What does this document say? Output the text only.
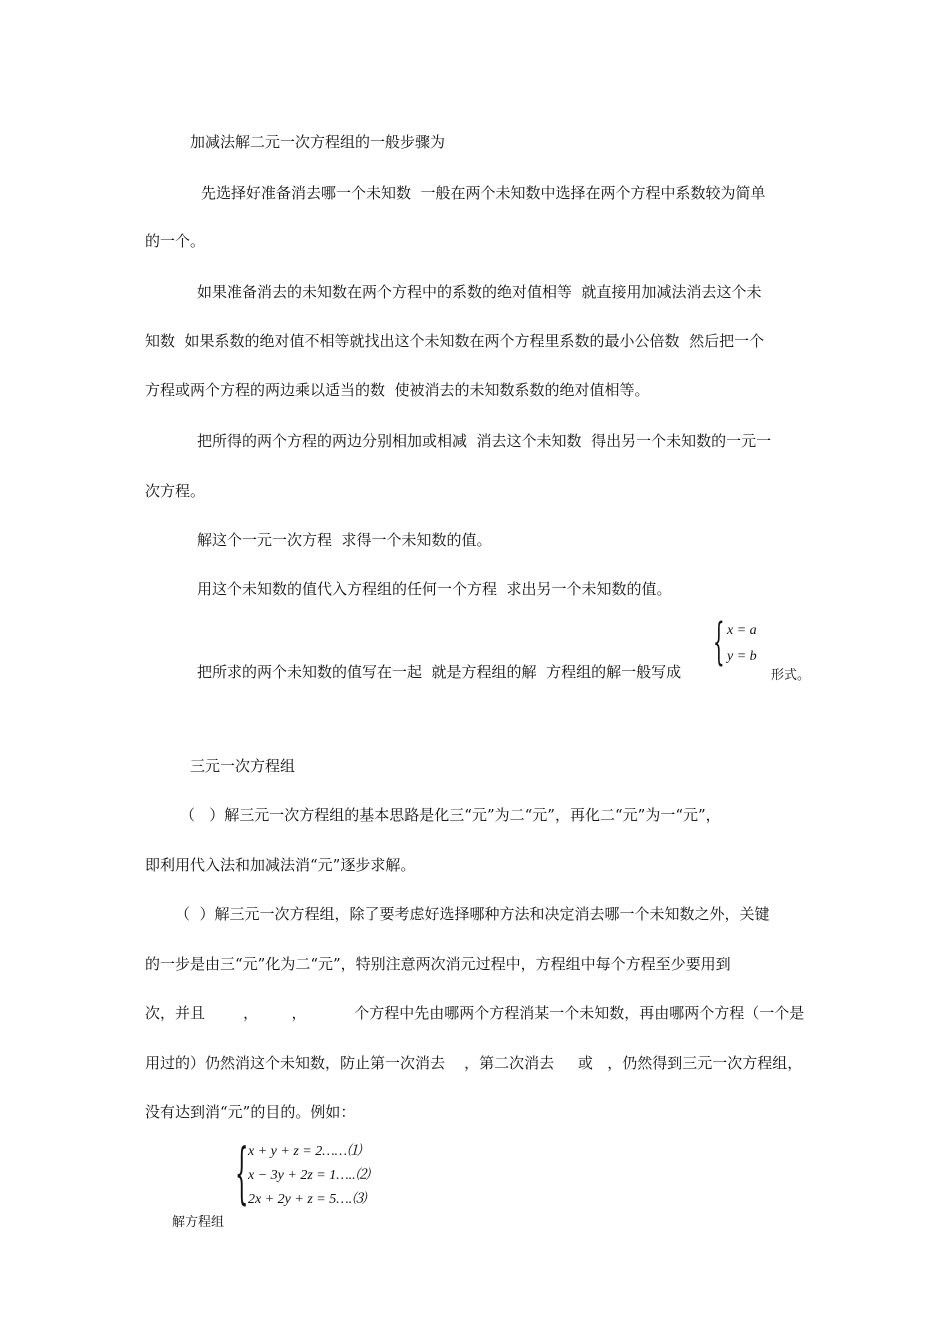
加减法解二元一次方程组的一般步骤为
先选择好准备消去哪一个未知数  一般在两个未知数中选择在两个方程中系数较为简单
的一个。
如果准备消去的未知数在两个方程中的系数的绝对值相等  就直接用加减法消去这个未
知数  如果系数的绝对值不相等就找出这个未知数在两个方程里系数的最小公倍数  然后把一个
方程或两个方程的两边乘以适当的数  使被消去的未知数系数的绝对值相等。
把所得的两个方程的两边分别相加或相减  消去这个未知数  得出另一个未知数的一元一
次方程。
解这个一元一次方程  求得一个未知数的值。
用这个未知数的值代入方程组的任何一个方程  求出另一个未知数的值。
把所求的两个未知数的值写在一起  就是方程组的解  方程组的解一般写成 { x = a
y = b
形式。
三元一次方程组
（   ）解三元一次方程组的基本思路是化三“元”为二“元”，再化二“元”为一“元”，
即利用代入法和加减法消“元”逐步求解。
（  ）解三元一次方程组，除了要考虑好选择哪种方法和决定消去哪一个未知数之外，关键
的一步是由三“元”化为二“元”，特别注意两次消元过程中，方程组中每个方程至少要用到
次，并且        ，       ，          个方程中先由哪两个方程消某一个未知数，再由哪两个方程（一个是
用过的）仍然消这个未知数，防止第一次消去    ，第二次消去     或   ，仍然得到三元一次方程组，
没有达到消“元”的目的。例如：
{ x + y + z = 2……⑴
x − 3y + 2z = 1…..⑵
2x + 2y + z = 5….⑶
解方程组
